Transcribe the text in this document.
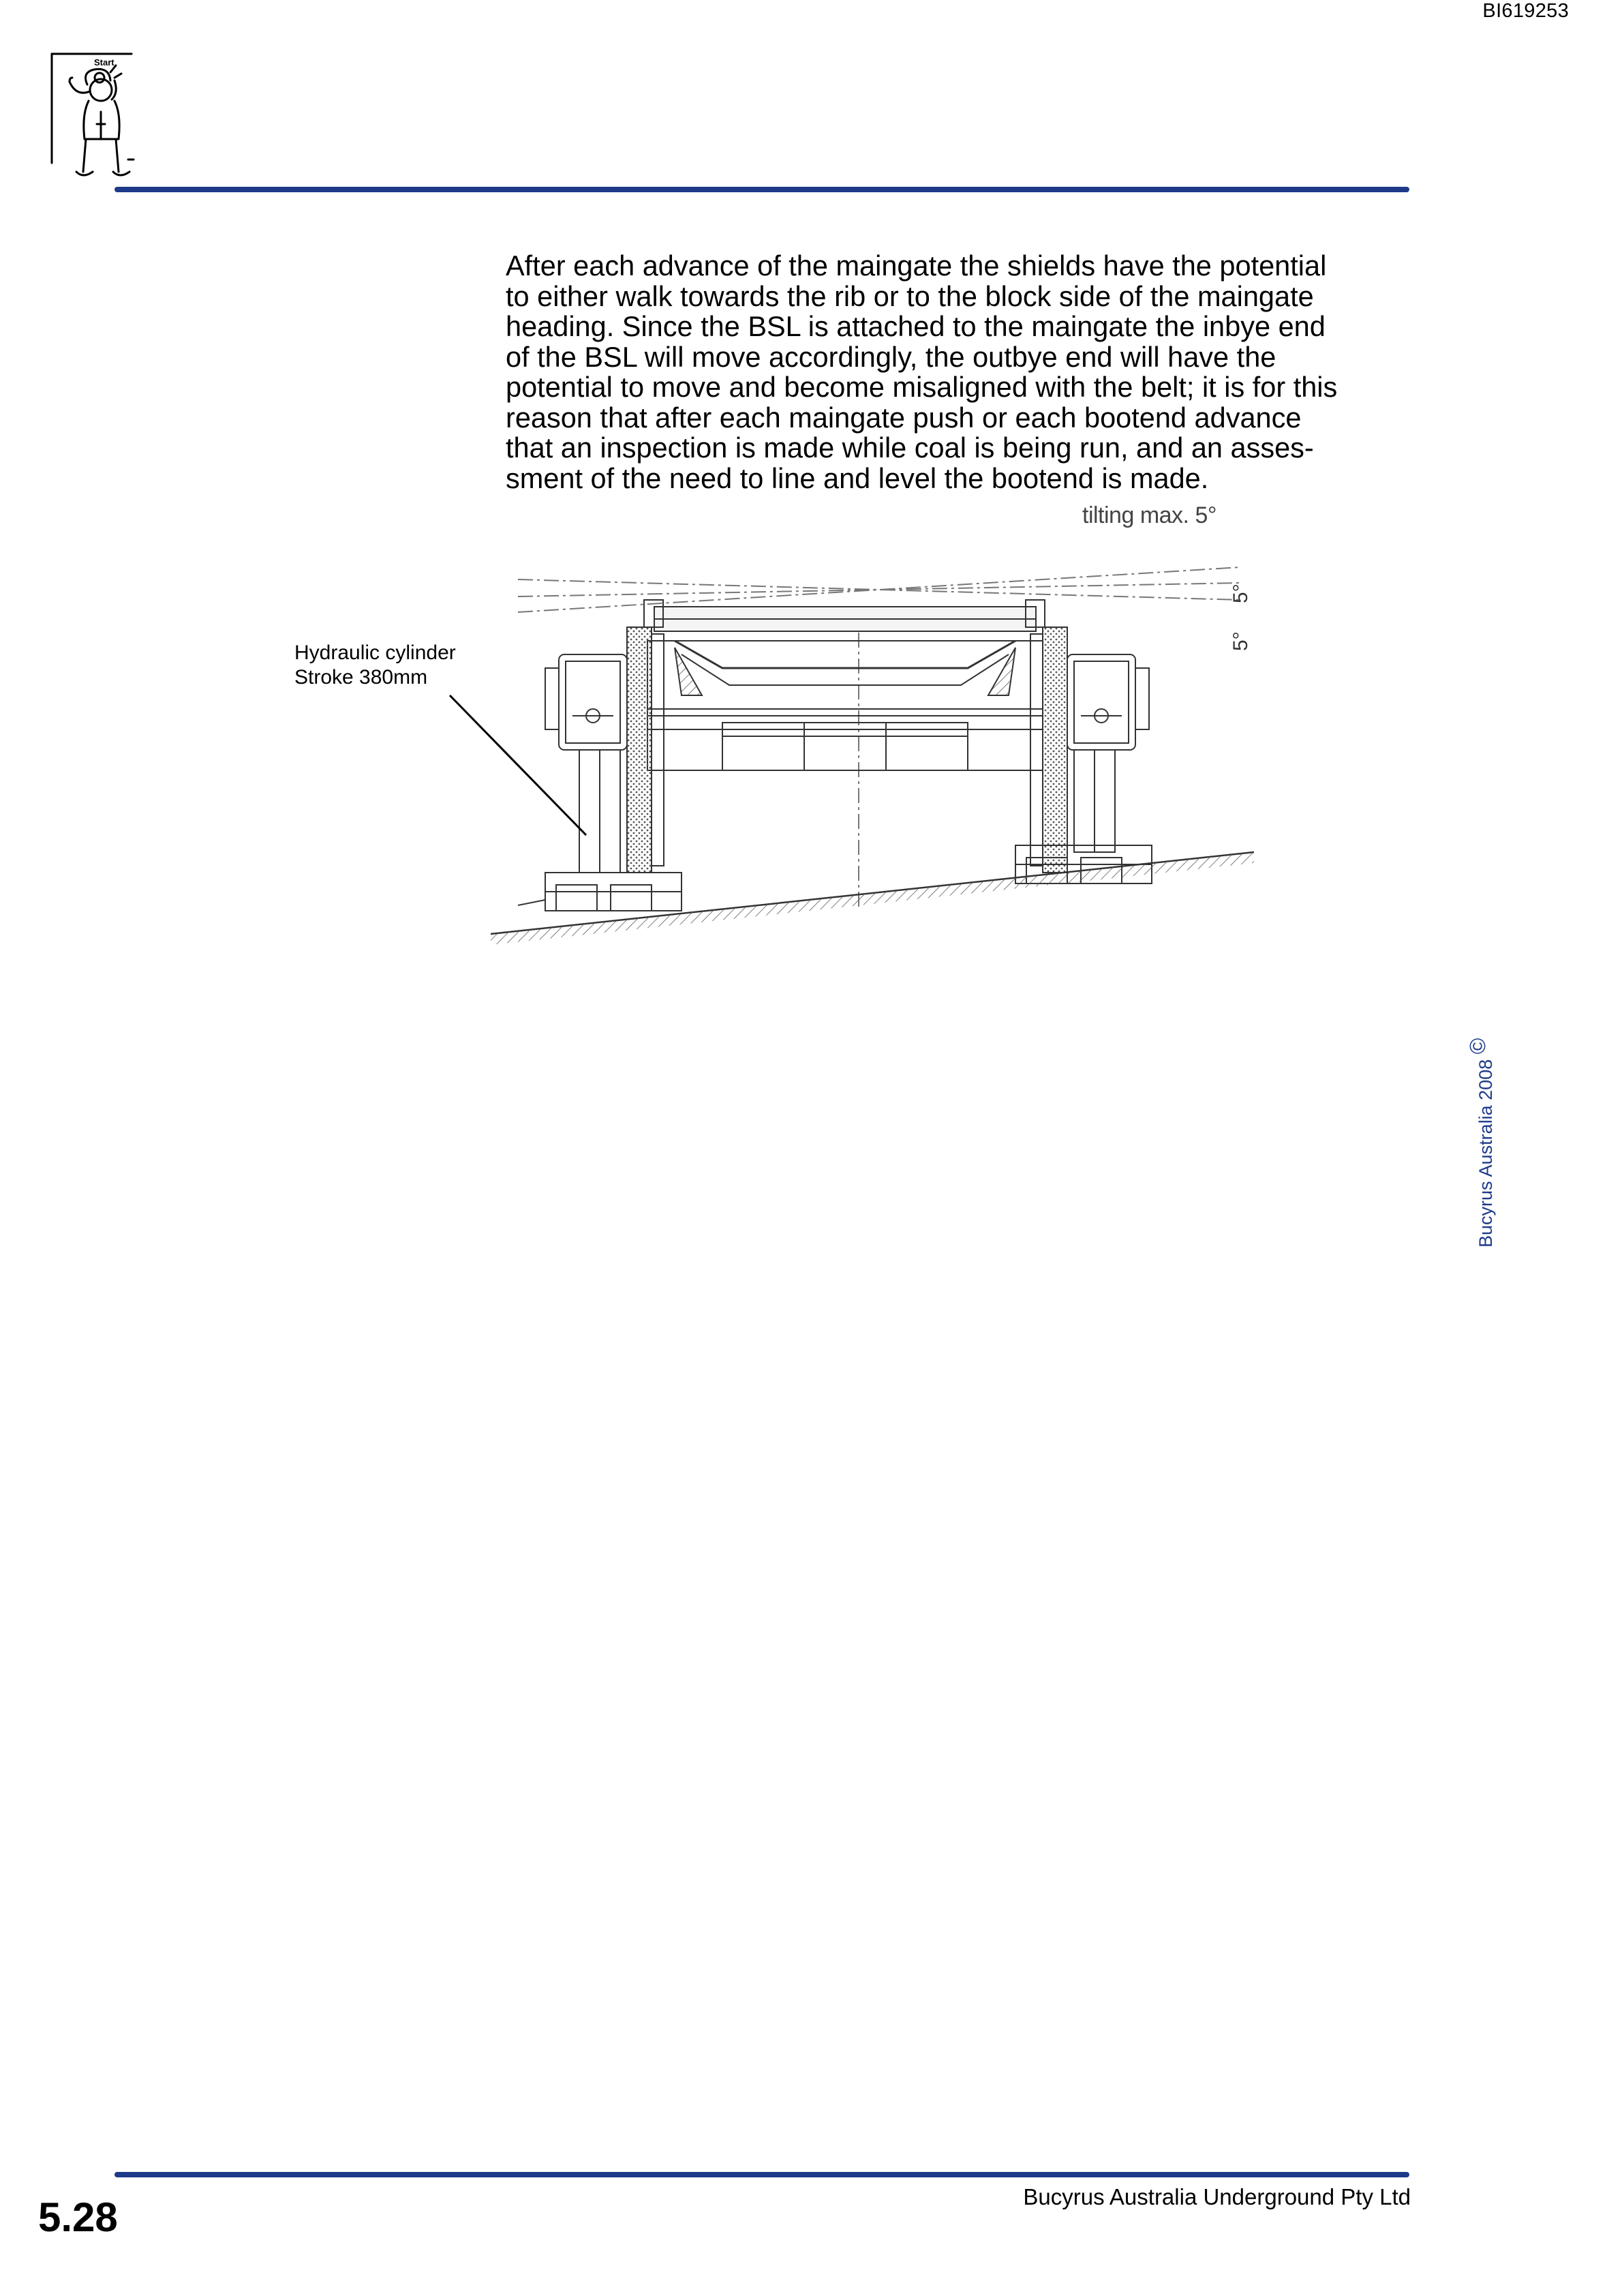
BI619253
Start
After each advance of the maingate the shields have the potential
to either walk towards the rib or to the block side of the maingate
heading. Since the BSL is attached to the maingate the inbye end
of the BSL will move accordingly, the outbye end will have the
potential to move and become misaligned with the belt; it is for this
reason that after each maingate push or each bootend advance
that an inspection is made while coal is being run, and an asses-
sment of the need to line and level the bootend is made.
tilting max. 5°
5°
5°
Hydraulic cylinder
Stroke 380mm
Bucyrus Australia 2008 ©
5.28	Bucyrus Australia Underground Pty Ltd
